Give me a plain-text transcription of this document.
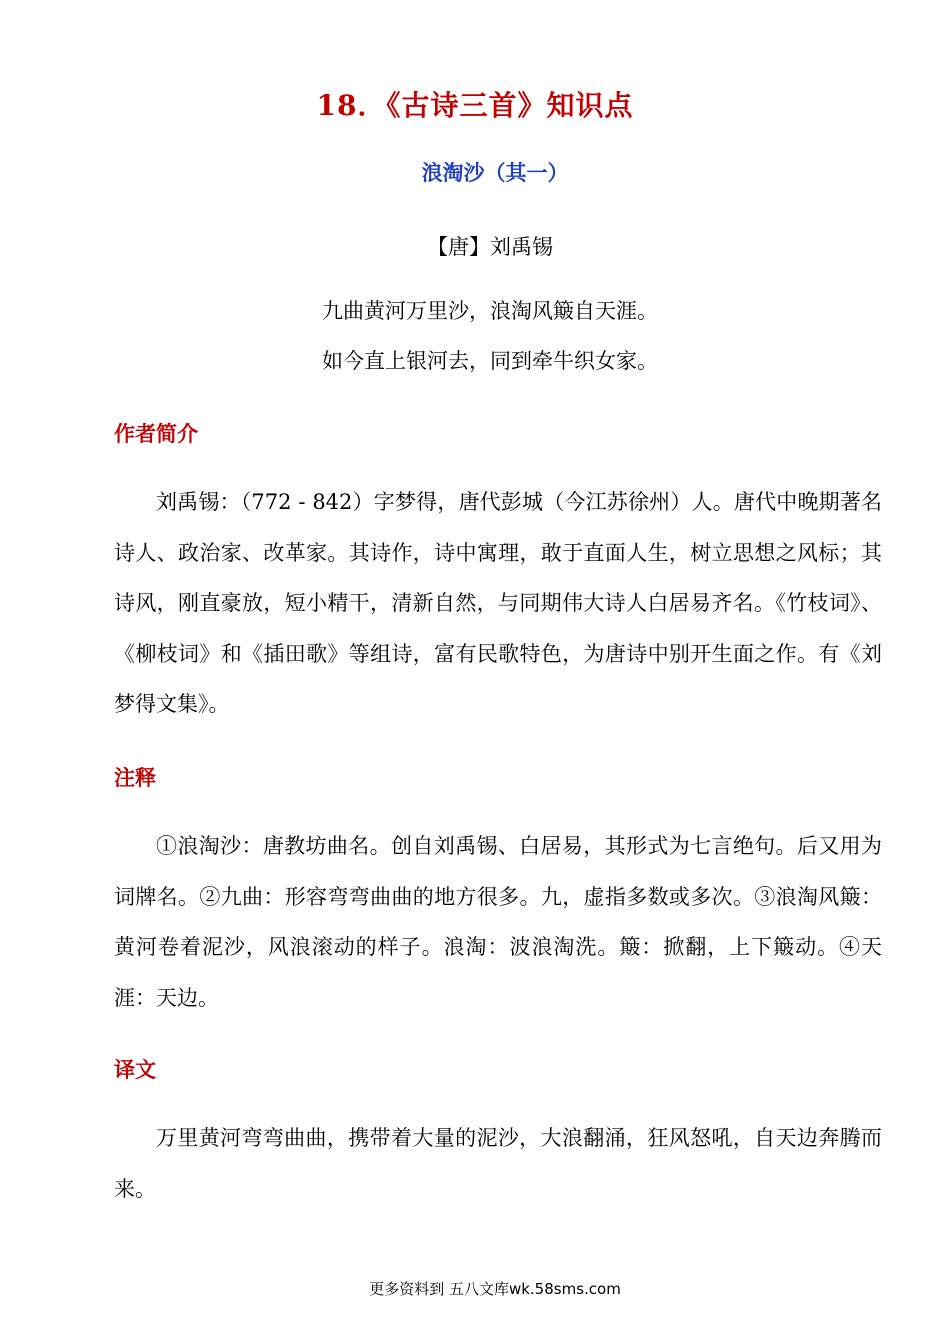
18．《古诗三首》知识点
浪淘沙（其一）

【唐】刘禹锡

九曲黄河万里沙，浪淘风簸自天涯。

如今直上银河去，同到牵牛织女家。

作者简介

刘禹锡：（772 - 842）字梦得，唐代彭城（今江苏徐州）人。唐代中晚期著名诗人、政治家、改革家。其诗作，诗中寓理，敢于直面人生，树立思想之风标；其诗风，刚直豪放，短小精干，清新自然，与同期伟大诗人白居易齐名。《竹枝词》、《柳枝词》和《插田歌》等组诗，富有民歌特色，为唐诗中别开生面之作。有《刘梦得文集》。

注释

①浪淘沙：唐教坊曲名。创自刘禹锡、白居易，其形式为七言绝句。后又用为词牌名。②九曲：形容弯弯曲曲的地方很多。九，虚指多数或多次。③浪淘风簸：黄河卷着泥沙，风浪滚动的样子。浪淘：波浪淘洗。簸：掀翻，上下簸动。④天涯：天边。

译文

万里黄河弯弯曲曲，携带着大量的泥沙，大浪翻涌，狂风怒吼，自天边奔腾而来。

更多资料到 五八文库wk.58sms.com
